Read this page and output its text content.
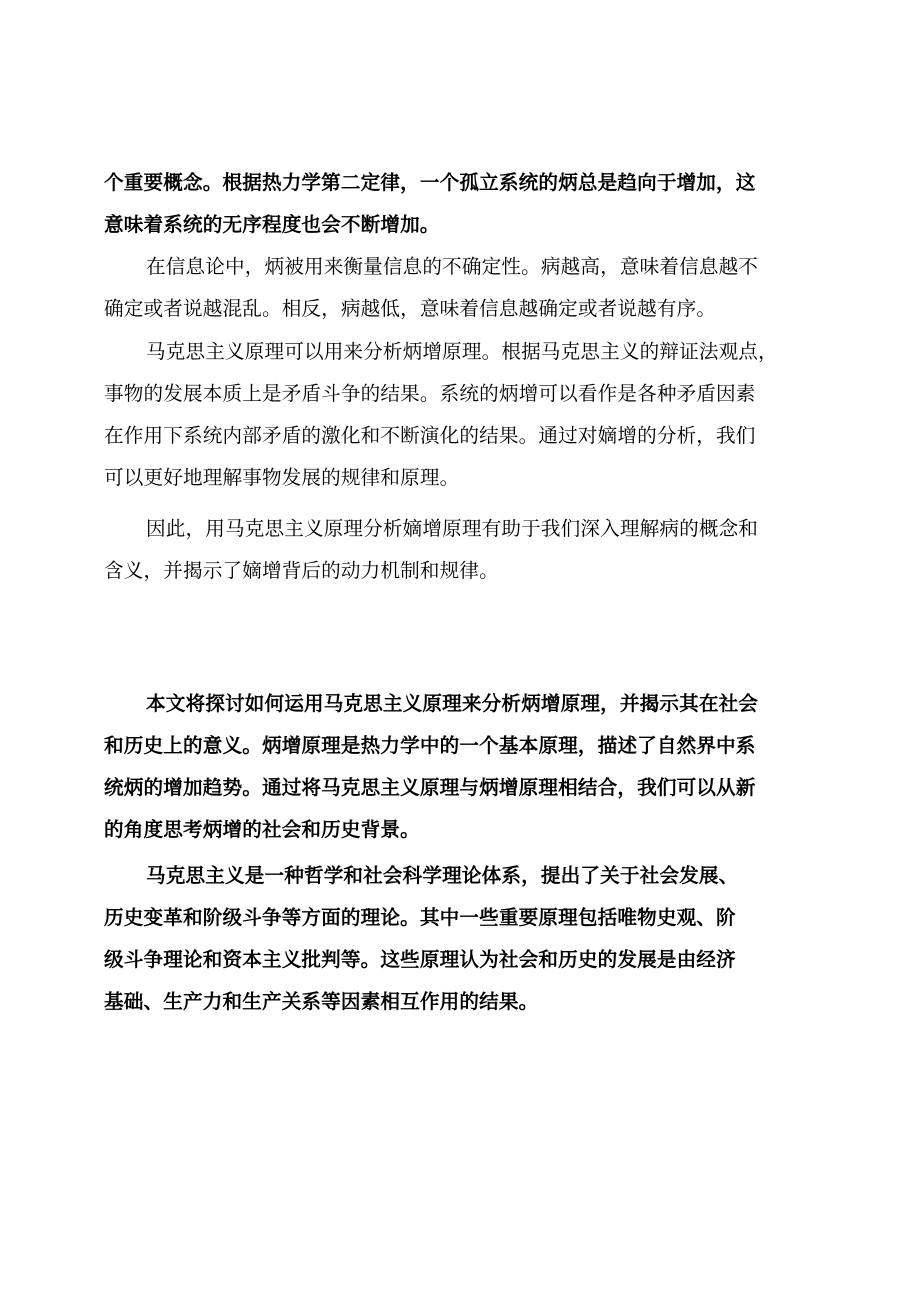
个重要概念。根据热力学第二定律，一个孤立系统的炳总是趋向于增加，这
意味着系统的无序程度也会不断增加。
在信息论中，炳被用来衡量信息的不确定性。病越高，意味着信息越不
确定或者说越混乱。相反，病越低，意味着信息越确定或者说越有序。
马克思主义原理可以用来分析炳增原理。根据马克思主义的辩证法观点，
事物的发展本质上是矛盾斗争的结果。系统的炳增可以看作是各种矛盾因素
在作用下系统内部矛盾的激化和不断演化的结果。通过对嫡增的分析，我们
可以更好地理解事物发展的规律和原理。
因此，用马克思主义原理分析嫡增原理有助于我们深入理解病的概念和
含义，并揭示了嫡增背后的动力机制和规律。
本文将探讨如何运用马克思主义原理来分析炳增原理，并揭示其在社会
和历史上的意义。炳增原理是热力学中的一个基本原理，描述了自然界中系
统炳的增加趋势。通过将马克思主义原理与炳增原理相结合，我们可以从新
的角度思考炳增的社会和历史背景。
马克思主义是一种哲学和社会科学理论体系，提出了关于社会发展、
历史变革和阶级斗争等方面的理论。其中一些重要原理包括唯物史观、阶
级斗争理论和资本主义批判等。这些原理认为社会和历史的发展是由经济
基础、生产力和生产关系等因素相互作用的结果。
